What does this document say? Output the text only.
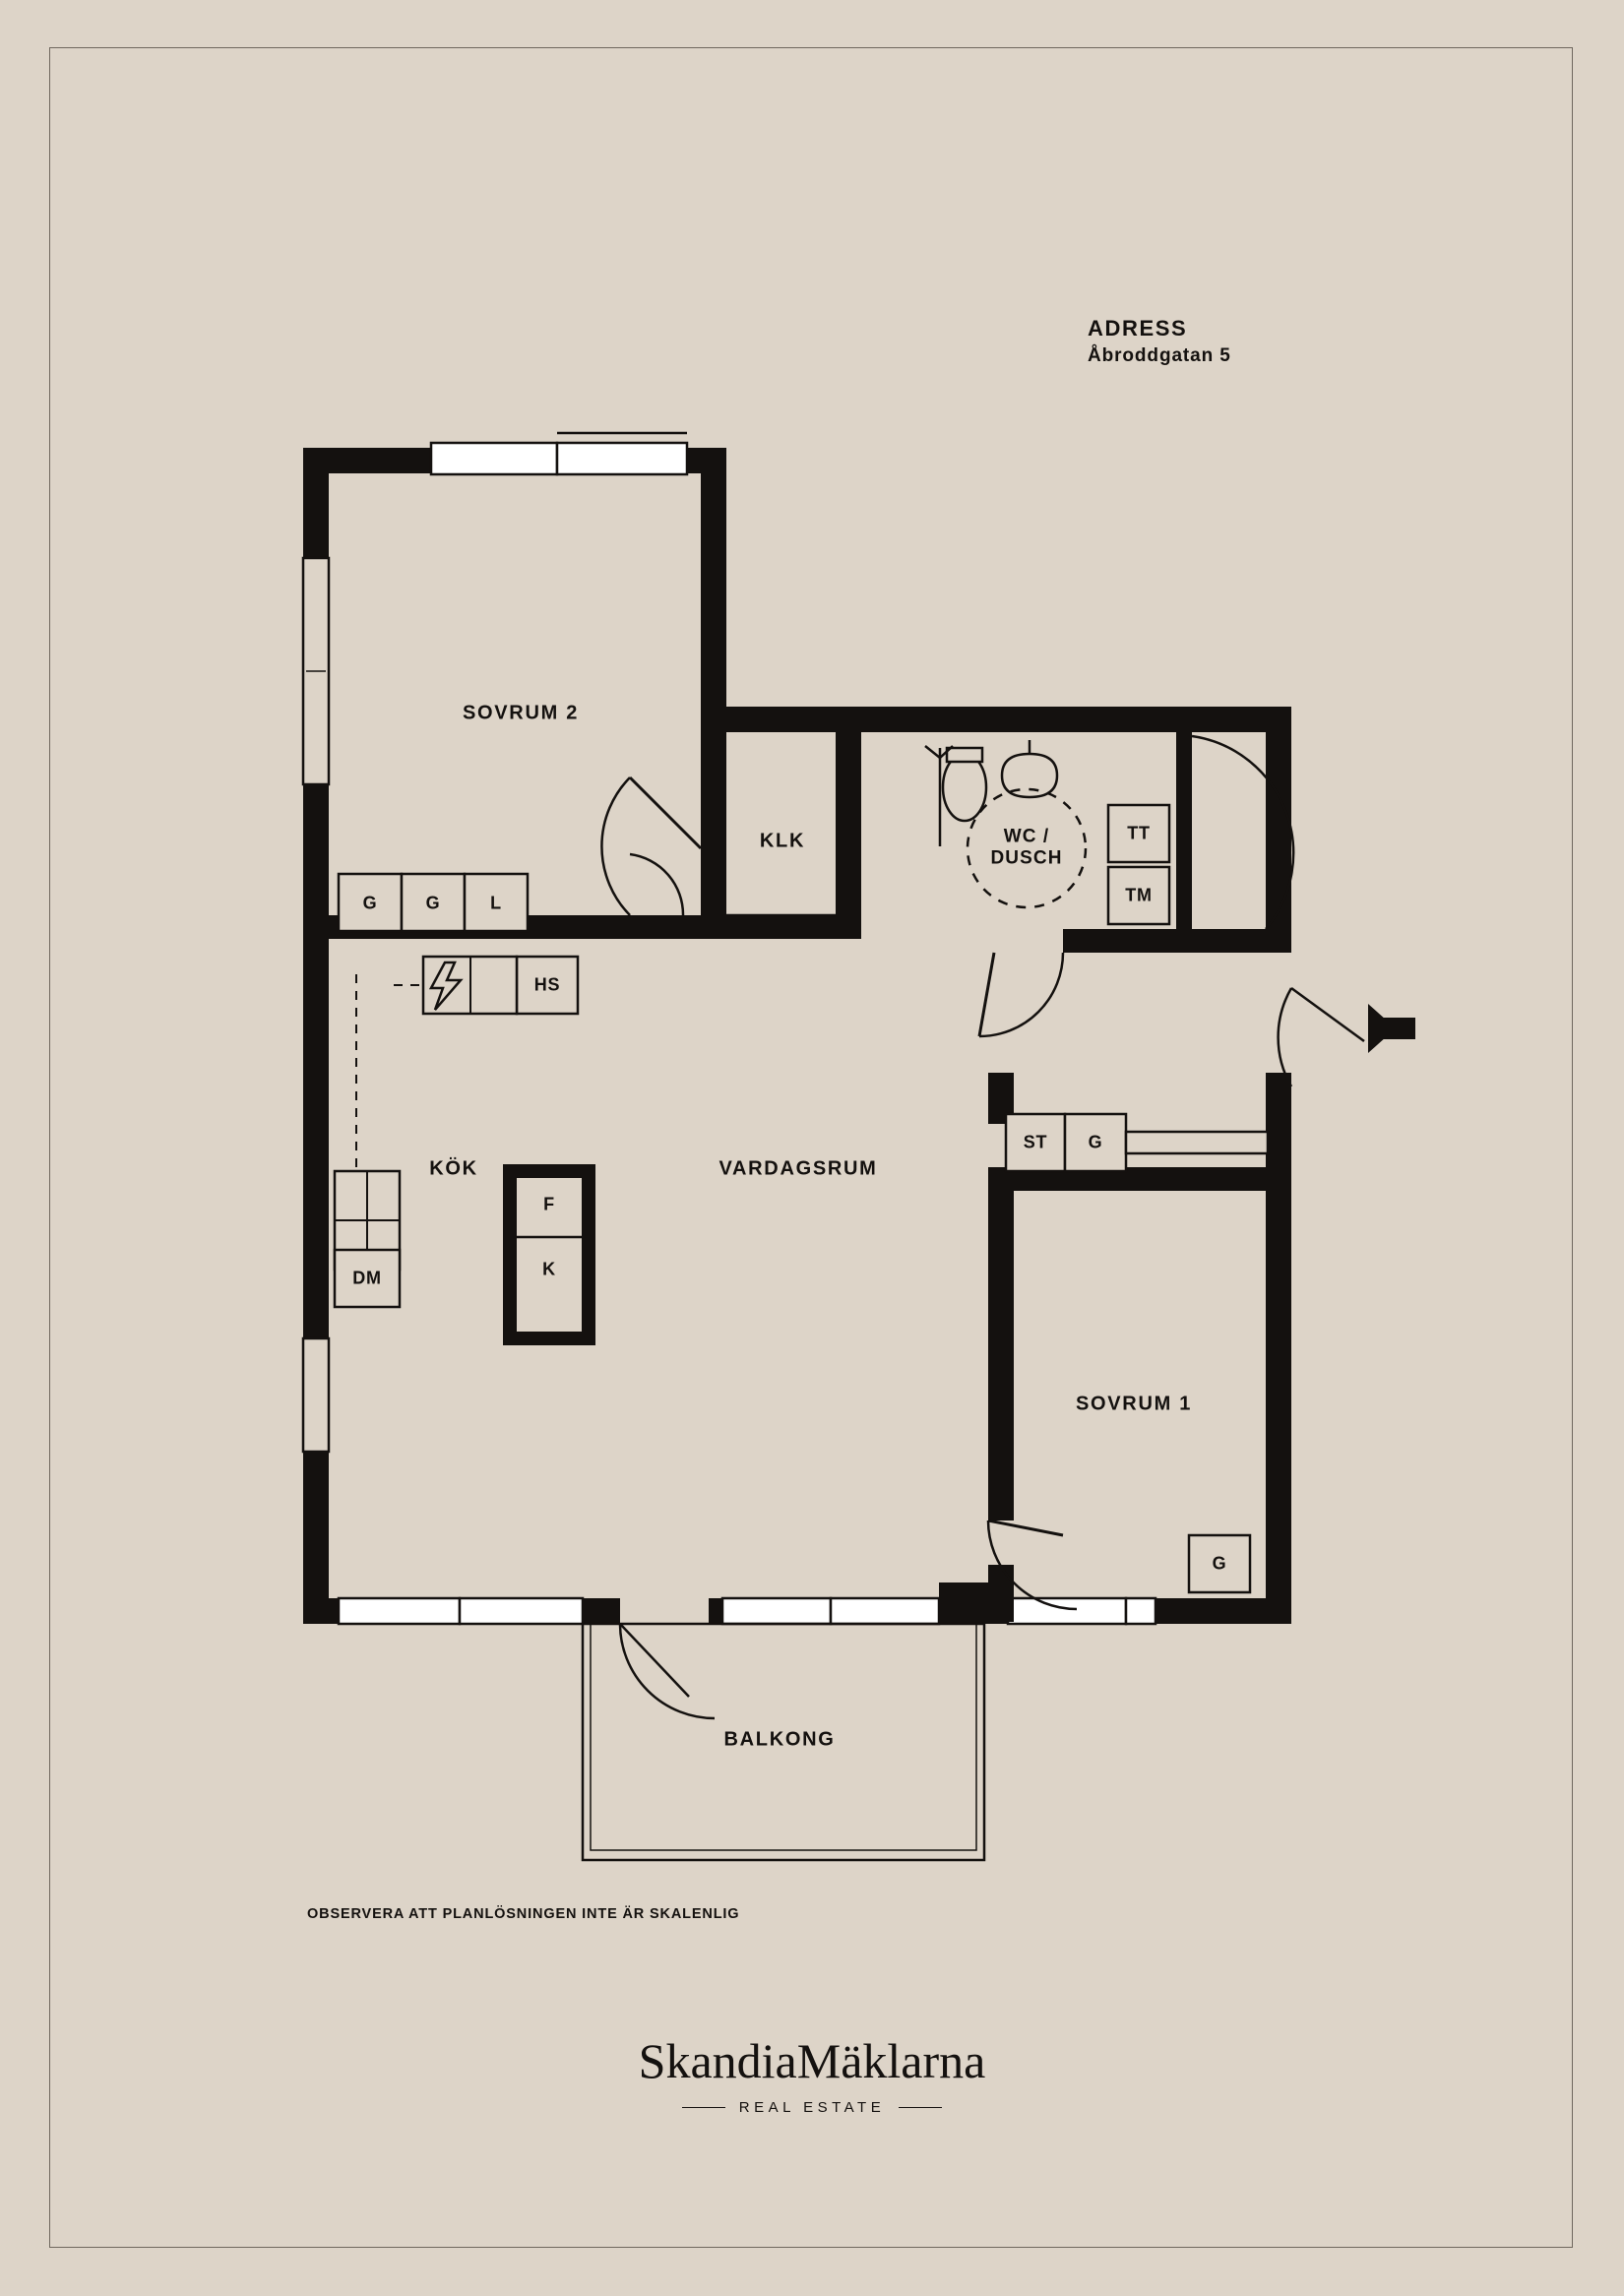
ADRESS
Åbroddgatan 5
SOVRUM 2
KLK	WC /
DUSCH
VARDAGSRUM
KÖK
SOVRUM 1
BALKONG
G	G	L
HS
DM
F
K
TT
TM
ST G
G
OBSERVERA ATT PLANLÖSNINGEN INTE ÄR SKALENLIG
SkandiaMäklarna
REAL ESTATE
